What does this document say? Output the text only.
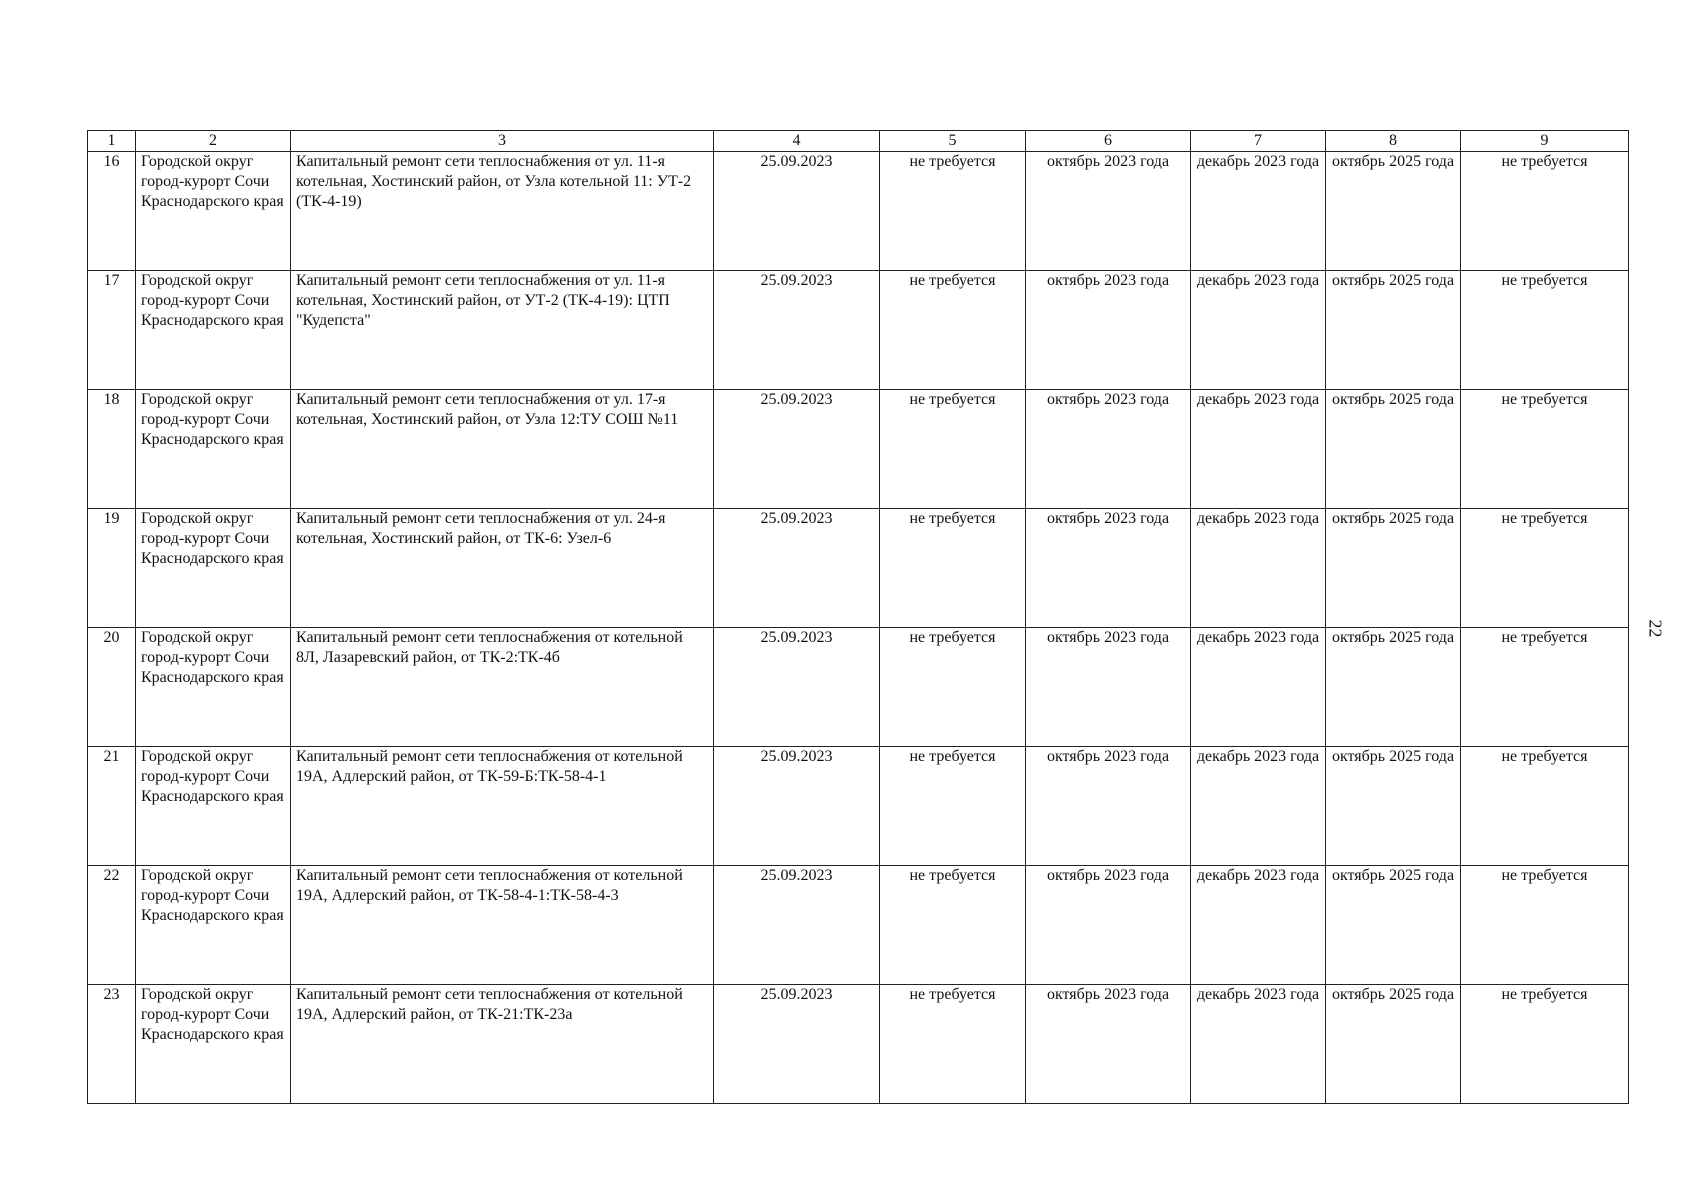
1	2	3	4	5	6	7	8	9
16	Городской округ город-курорт Сочи Краснодарского края	Капитальный ремонт сети теплоснабжения от ул. 11-я котельная, Хостинский район, от Узла котельной 11: УТ-2 (ТК-4-19)	25.09.2023	не требуется	октябрь 2023 года	декабрь 2023 года	октябрь 2025 года	не требуется
17	Городской округ город-курорт Сочи Краснодарского края	Капитальный ремонт сети теплоснабжения от ул. 11-я котельная, Хостинский район, от УТ-2 (ТК-4-19): ЦТП "Кудепста"	25.09.2023	не требуется	октябрь 2023 года	декабрь 2023 года	октябрь 2025 года	не требуется
18	Городской округ город-курорт Сочи Краснодарского края	Капитальный ремонт сети теплоснабжения от ул. 17-я котельная, Хостинский район, от Узла 12:ТУ СОШ №11	25.09.2023	не требуется	октябрь 2023 года	декабрь 2023 года	октябрь 2025 года	не требуется
19	Городской округ город-курорт Сочи Краснодарского края	Капитальный ремонт сети теплоснабжения от ул. 24-я котельная, Хостинский район, от ТК-6: Узел-6	25.09.2023	не требуется	октябрь 2023 года	декабрь 2023 года	октябрь 2025 года	не требуется
20	Городской округ город-курорт Сочи Краснодарского края	Капитальный ремонт сети теплоснабжения от котельной 8Л, Лазаревский район, от ТК-2:ТК-4б	25.09.2023	не требуется	октябрь 2023 года	декабрь 2023 года	октябрь 2025 года	не требуется
21	Городской округ город-курорт Сочи Краснодарского края	Капитальный ремонт сети теплоснабжения от котельной 19А, Адлерский район, от ТК-59-Б:ТК-58-4-1	25.09.2023	не требуется	октябрь 2023 года	декабрь 2023 года	октябрь 2025 года	не требуется
22	Городской округ город-курорт Сочи Краснодарского края	Капитальный ремонт сети теплоснабжения от котельной 19А, Адлерский район, от ТК-58-4-1:ТК-58-4-3	25.09.2023	не требуется	октябрь 2023 года	декабрь 2023 года	октябрь 2025 года	не требуется
23	Городской округ город-курорт Сочи Краснодарского края	Капитальный ремонт сети теплоснабжения от котельной 19А, Адлерский район, от ТК-21:ТК-23а	25.09.2023	не требуется	октябрь 2023 года	декабрь 2023 года	октябрь 2025 года	не требуется
22
